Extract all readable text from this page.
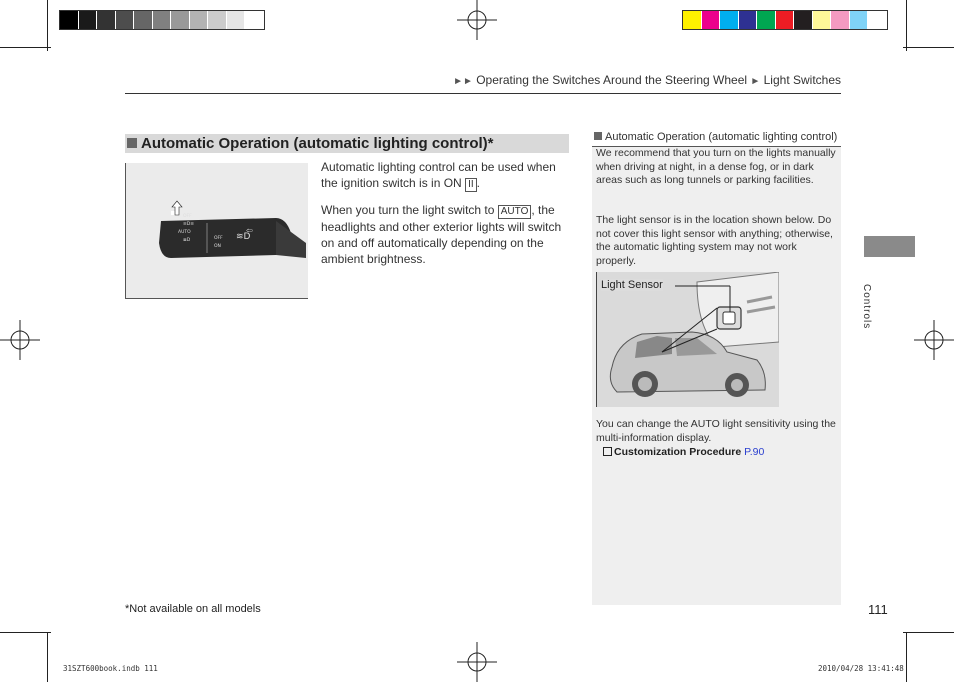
►► Operating the Switches Around the Steering Wheel ► Light Switches
Automatic Operation (automatic lighting control)*
OFF
≡D≡
AUTO
≣D	OFF
ON
≋D
⇦

Automatic lighting control can be used when the ignition switch is in ON II .

When you turn the light switch to AUTO , the headlights and other exterior lights will switch on and off automatically depending on the ambient brightness.

Automatic Operation (automatic lighting control)
We recommend that you turn on the lights manually when driving at night, in a dense fog, or in dark areas such as long tunnels or parking facilities.
The light sensor is in the location shown below. Do not cover this light sensor with anything; otherwise, the automatic lighting system may not work properly.
Light Sensor
You can change the AUTO light sensitivity using the multi-information display.
Customization Procedure P.90
Controls
*Not available on all models	111
31SZT600book.indb 111	2010/04/28 13:41:48
